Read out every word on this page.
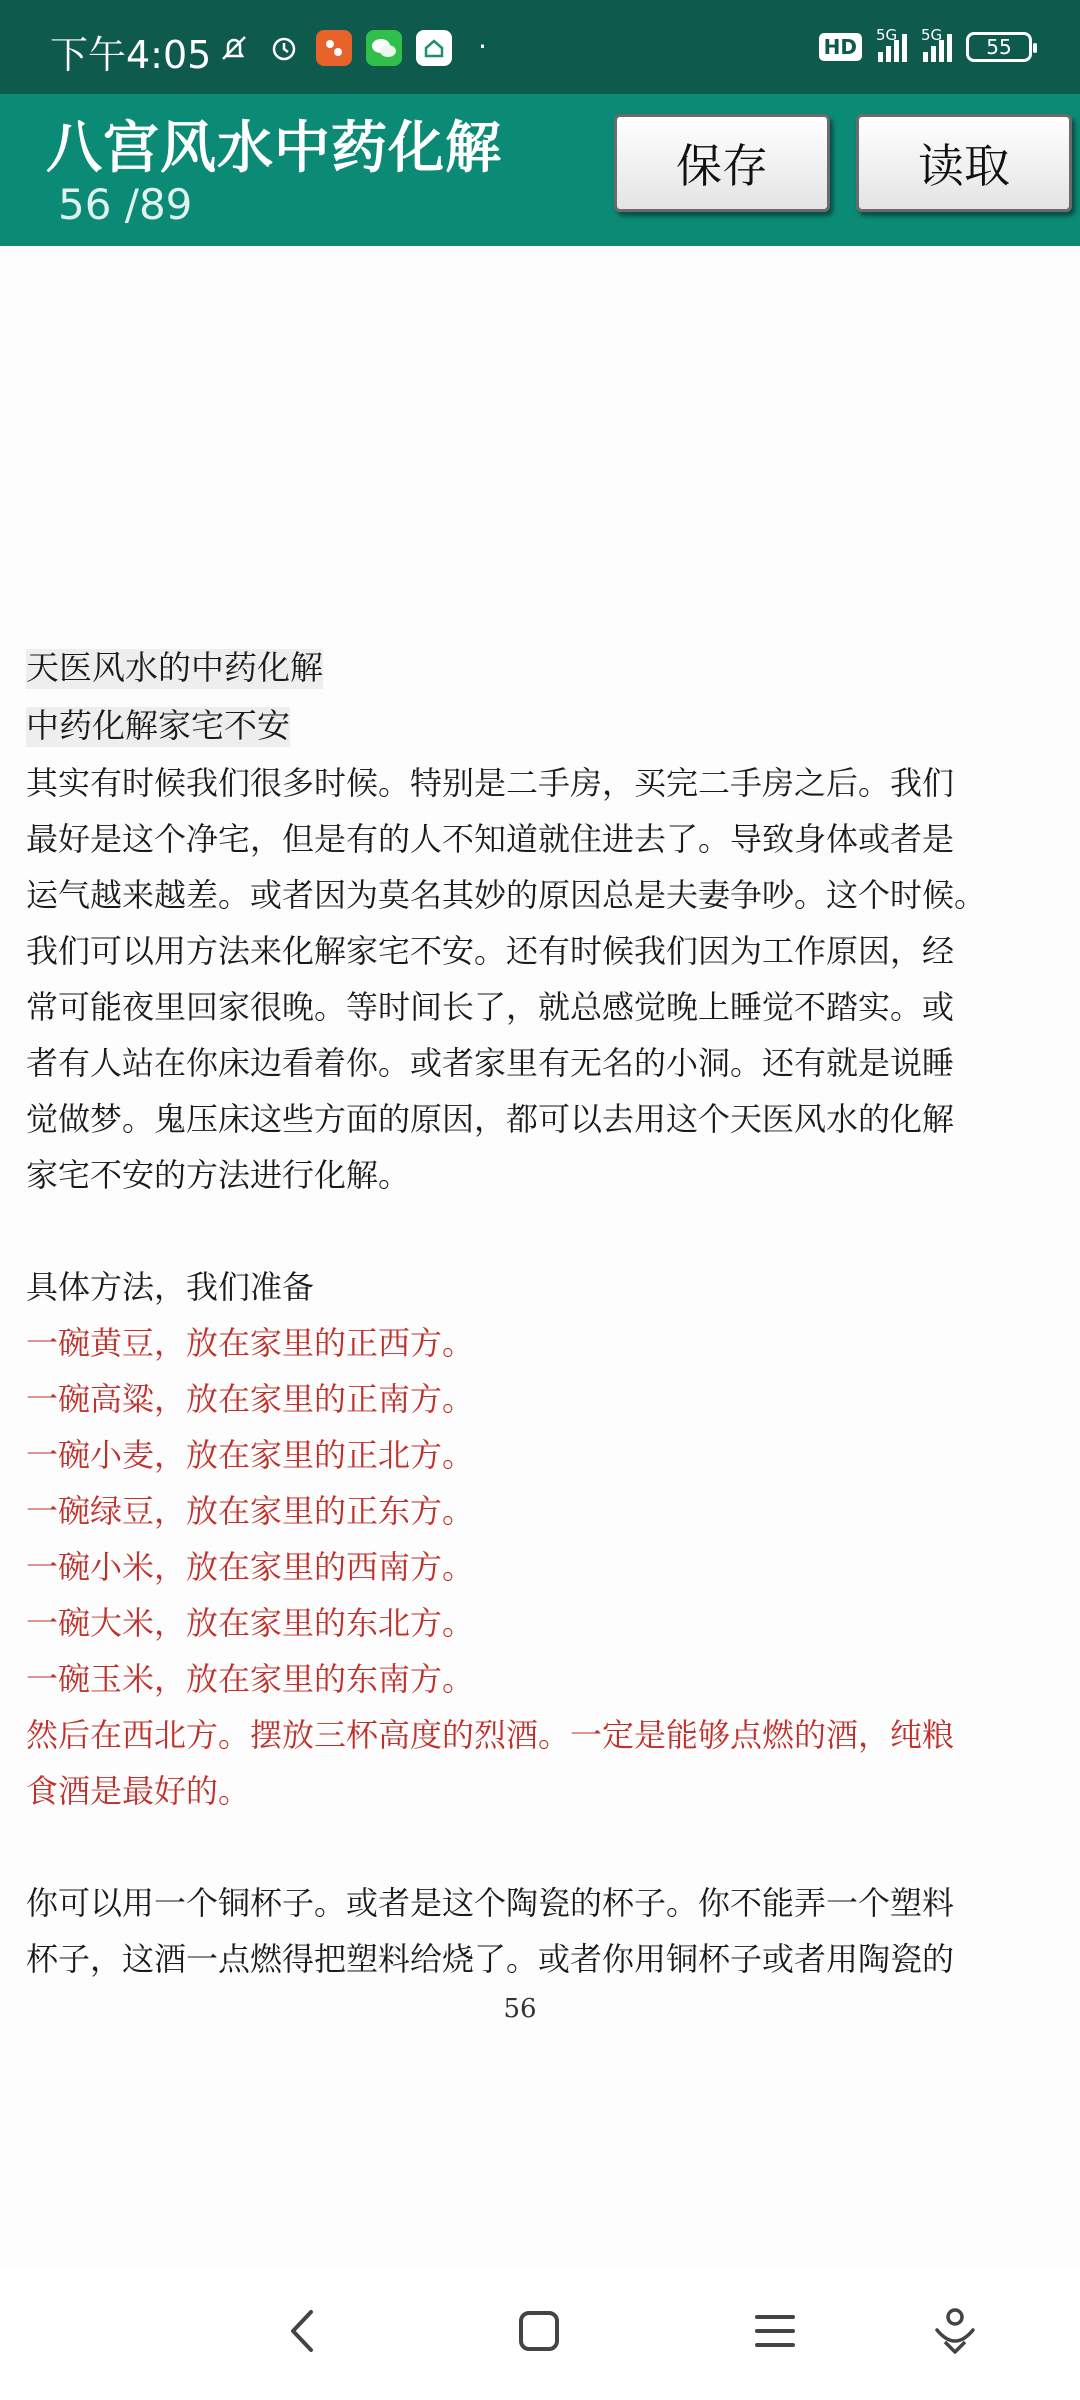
下午4:05	·	HD	5G 5G 55
八宫风水中药化解
56 /89
保存	读取
天医风水的中药化解
中药化解家宅不安
其实有时候我们很多时候。特别是二手房，买完二手房之后。我们
最好是这个净宅，但是有的人不知道就住进去了。导致身体或者是
运气越来越差。或者因为莫名其妙的原因总是夫妻争吵。这个时候。
我们可以用方法来化解家宅不安。还有时候我们因为工作原因，经
常可能夜里回家很晚。等时间长了，就总感觉晚上睡觉不踏实。或
者有人站在你床边看着你。或者家里有无名的小洞。还有就是说睡
觉做梦。鬼压床这些方面的原因，都可以去用这个天医风水的化解
家宅不安的方法进行化解。
具体方法，我们准备
一碗黄豆，放在家里的正西方。
一碗高粱，放在家里的正南方。
一碗小麦，放在家里的正北方。
一碗绿豆，放在家里的正东方。
一碗小米，放在家里的西南方。
一碗大米，放在家里的东北方。
一碗玉米，放在家里的东南方。
然后在西北方。摆放三杯高度的烈酒。一定是能够点燃的酒，纯粮
食酒是最好的。
你可以用一个铜杯子。或者是这个陶瓷的杯子。你不能弄一个塑料
杯子，这酒一点燃得把塑料给烧了。或者你用铜杯子或者用陶瓷的
56
